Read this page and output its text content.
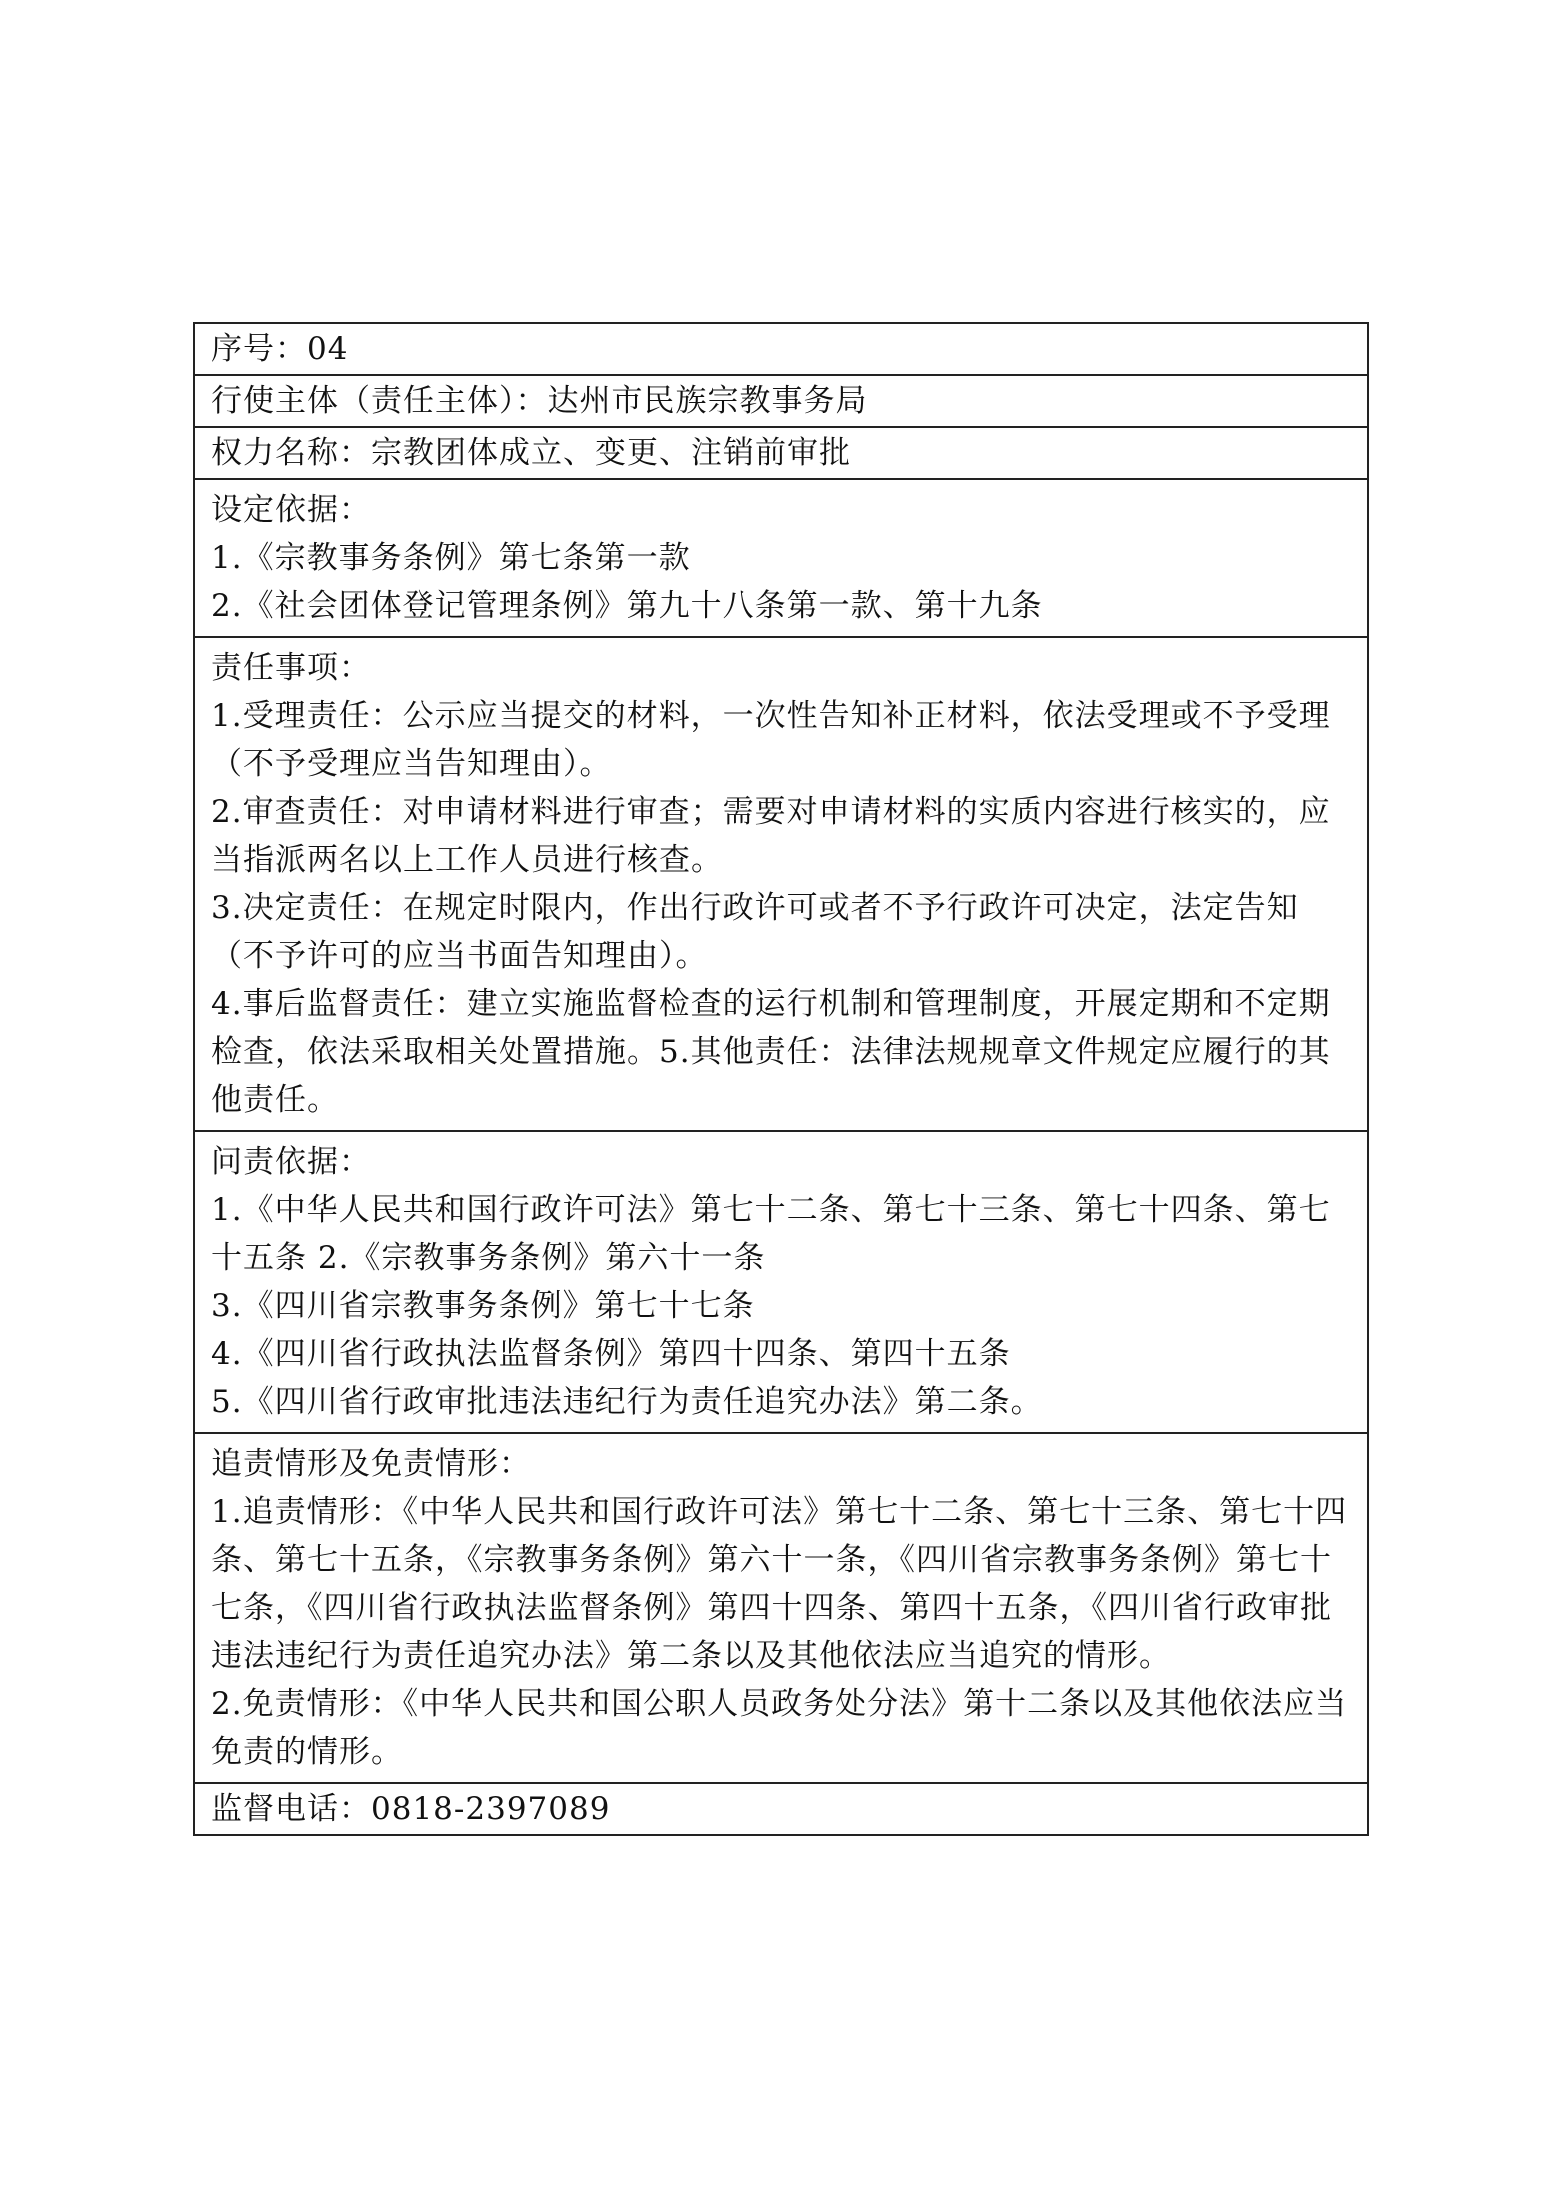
序号：04
行使主体（责任主体）：达州市民族宗教事务局
权力名称：宗教团体成立、变更、注销前审批

设定依据：
1.《宗教事务条例》第七条第一款
2.《社会团体登记管理条例》第九十八条第一款、第十九条

责任事项：
1.受理责任：公示应当提交的材料，一次性告知补正材料，依法受理或不予受理（不予受理应当告知理由）。
2.审查责任：对申请材料进行审查；需要对申请材料的实质内容进行核实的，应当指派两名以上工作人员进行核查。
3.决定责任：在规定时限内，作出行政许可或者不予行政许可决定，法定告知（不予许可的应当书面告知理由）。
4.事后监督责任：建立实施监督检查的运行机制和管理制度，开展定期和不定期检查，依法采取相关处置措施。5.其他责任：法律法规规章文件规定应履行的其他责任。

问责依据：
1.《中华人民共和国行政许可法》第七十二条、第七十三条、第七十四条、第七十五条 2.《宗教事务条例》第六十一条
3.《四川省宗教事务条例》第七十七条
4.《四川省行政执法监督条例》第四十四条、第四十五条
5.《四川省行政审批违法违纪行为责任追究办法》第二条。

追责情形及免责情形：
1.追责情形：《中华人民共和国行政许可法》第七十二条、第七十三条、第七十四条、第七十五条，《宗教事务条例》第六十一条，《四川省宗教事务条例》第七十七条，《四川省行政执法监督条例》第四十四条、第四十五条，《四川省行政审批违法违纪行为责任追究办法》第二条以及其他依法应当追究的情形。
2.免责情形：《中华人民共和国公职人员政务处分法》第十二条以及其他依法应当免责的情形。

监督电话：0818-2397089
